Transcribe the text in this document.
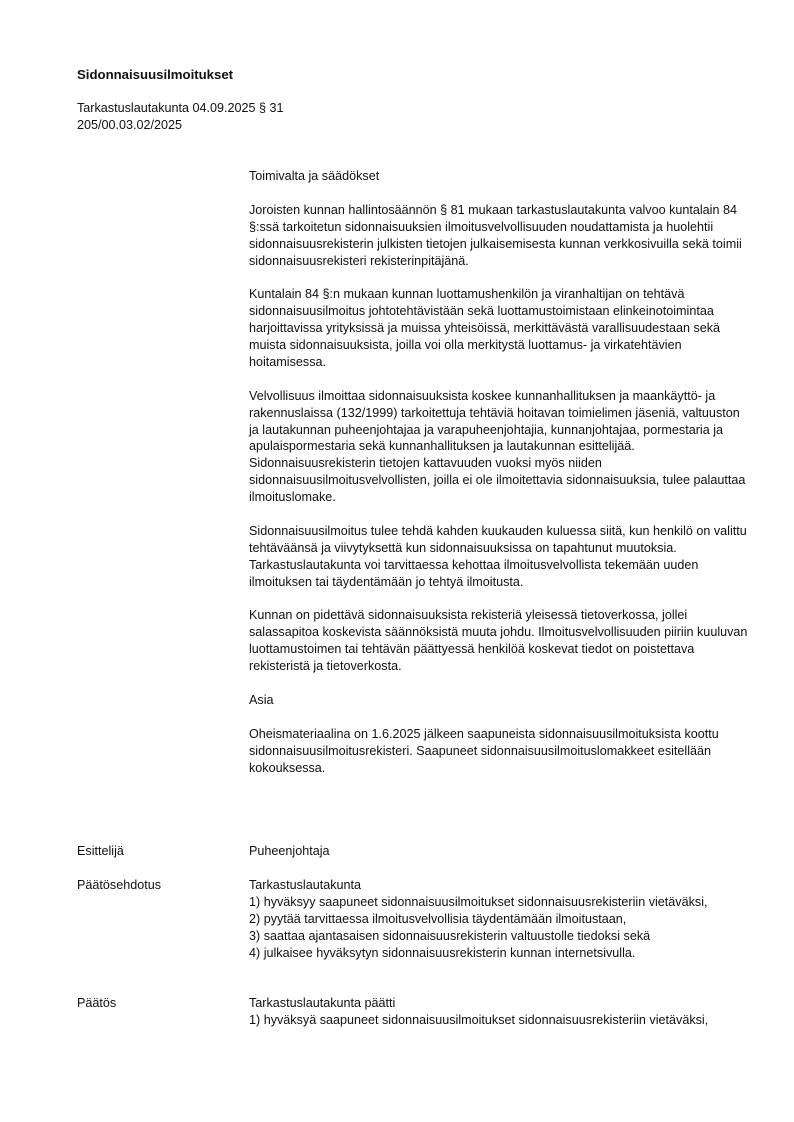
Sidonnaisuusilmoitukset
Tarkastuslautakunta 04.09.2025 § 31
205/00.03.02/2025

Toimivalta ja säädökset

Joroisten kunnan hallintosäännön § 81 mukaan tarkastuslautakunta valvoo kuntalain 84 §:ssä tarkoitetun sidonnaisuuksien ilmoitusvelvollisuuden noudattamista ja huolehtii sidonnaisuusrekisterin julkisten tietojen julkaisemisesta kunnan verkkosivuilla sekä toimii sidonnaisuusrekisteri rekisterinpitäjänä.

Kuntalain 84 §:n mukaan kunnan luottamushenkilön ja viranhaltijan on tehtävä sidonnaisuusilmoitus johtotehtävistään sekä luottamustoimistaan elinkeinotoimintaa harjoittavissa yrityksissä ja muissa yhteisöissä, merkittävästä varallisuudestaan sekä muista sidonnaisuuksista, joilla voi olla merkitystä luottamus- ja virkatehtävien hoitamisessa.

Velvollisuus ilmoittaa sidonnaisuuksista koskee kunnanhallituksen ja maankäyttö- ja rakennuslaissa (132/1999) tarkoitettuja tehtäviä hoitavan toimielimen jäseniä, valtuuston ja lautakunnan puheenjohtajaa ja varapuheenjohtajia, kunnanjohtajaa, pormestaria ja apulaispormestaria sekä kunnanhallituksen ja lautakunnan esittelijää. Sidonnaisuusrekisterin tietojen kattavuuden vuoksi myös niiden sidonnaisuusilmoitusvelvollisten, joilla ei ole ilmoitettavia sidonnaisuuksia, tulee palauttaa ilmoituslomake.

Sidonnaisuusilmoitus tulee tehdä kahden kuukauden kuluessa siitä, kun henkilö on valittu tehtäväänsä ja viivytyksettä kun sidonnaisuuksissa on tapahtunut muutoksia. Tarkastuslautakunta voi tarvittaessa kehottaa ilmoitusvelvollista tekemään uuden ilmoituksen tai täydentämään jo tehtyä ilmoitusta.

Kunnan on pidettävä sidonnaisuuksista rekisteriä yleisessä tietoverkossa, jollei salassapitoa koskevista säännöksistä muuta johdu. Ilmoitusvelvollisuuden piiriin kuuluvan luottamustoimen tai tehtävän päättyessä henkilöä koskevat tiedot on poistettava rekisteristä ja tietoverkosta.

Asia

Oheismateriaalina on 1.6.2025 jälkeen saapuneista sidonnaisuusilmoituksista koottu sidonnaisuusilmoitusrekisteri. Saapuneet sidonnaisuusilmoituslomakkeet esitellään kokouksessa.

Esittelijä	Puheenjohtaja
Päätösehdotus	Tarkastuslautakunta
1) hyväksyy saapuneet sidonnaisuusilmoitukset sidonnaisuusrekisteriin vietäväksi,
2) pyytää tarvittaessa ilmoitusvelvollisia täydentämään ilmoitustaan,
3) saattaa ajantasaisen sidonnaisuusrekisterin valtuustolle tiedoksi sekä
4) julkaisee hyväksytyn sidonnaisuusrekisterin kunnan internetsivulla.
Päätös	Tarkastuslautakunta päätti
1) hyväksyä saapuneet sidonnaisuusilmoitukset sidonnaisuusrekisteriin vietäväksi,
